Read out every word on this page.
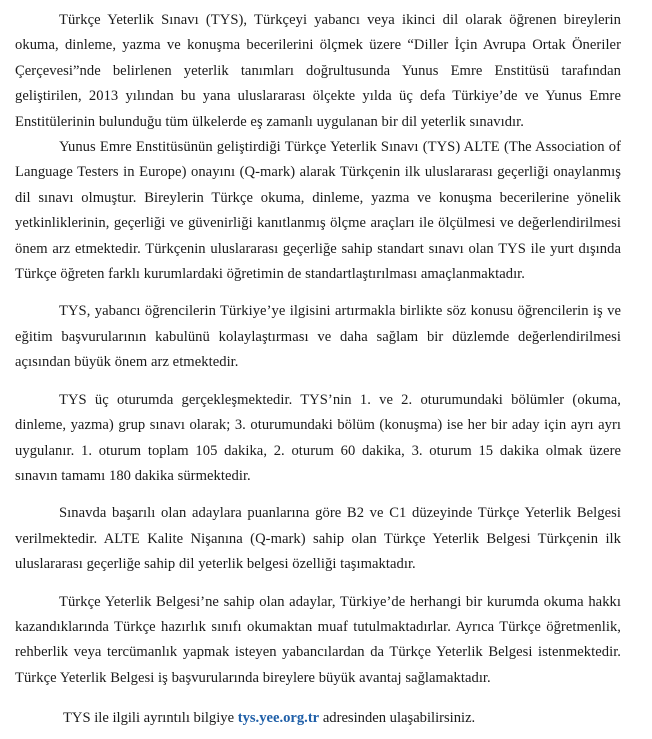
Türkçe Yeterlik Sınavı (TYS), Türkçeyi yabancı veya ikinci dil olarak öğrenen bireylerin okuma, dinleme, yazma ve konuşma becerilerini ölçmek üzere “Diller İçin Avrupa Ortak Öneriler Çerçevesi”nde belirlenen yeterlik tanımları doğrultusunda Yunus Emre Enstitüsü tarafından geliştirilen, 2013 yılından bu yana uluslararası ölçekte yılda üç defa Türkiye’de ve Yunus Emre Enstitülerinin bulunduğu tüm ülkelerde eş zamanlı uygulanan bir dil yeterlik sınavıdır.

Yunus Emre Enstitüsünün geliştirdiği Türkçe Yeterlik Sınavı (TYS) ALTE (The Association of Language Testers in Europe) onayını (Q-mark) alarak Türkçenin ilk uluslararası geçerliği onaylanmış dil sınavı olmuştur. Bireylerin Türkçe okuma, dinleme, yazma ve konuşma becerilerine yönelik yetkinliklerinin, geçerliği ve güvenirliği kanıtlanmış ölçme araçları ile ölçülmesi ve değerlendirilmesi önem arz etmektedir. Türkçenin uluslararası geçerliğe sahip standart sınavı olan TYS ile yurt dışında Türkçe öğreten farklı kurumlardaki öğretimin de standartlaştırılması amaçlanmaktadır.

TYS, yabancı öğrencilerin Türkiye’ye ilgisini artırmakla birlikte söz konusu öğrencilerin iş ve eğitim başvurularının kabulünü kolaylaştırması ve daha sağlam bir düzlemde değerlendirilmesi açısından büyük önem arz etmektedir.

TYS üç oturumda gerçekleşmektedir. TYS’nin 1. ve 2. oturumundaki bölümler (okuma, dinleme, yazma) grup sınavı olarak; 3. oturumundaki bölüm (konuşma) ise her bir aday için ayrı ayrı uygulanır. 1. oturum toplam 105 dakika, 2. oturum 60 dakika, 3. oturum 15 dakika olmak üzere sınavın tamamı 180 dakika sürmektedir.

Sınavda başarılı olan adaylara puanlarına göre B2 ve C1 düzeyinde Türkçe Yeterlik Belgesi verilmektedir. ALTE Kalite Nişanına (Q-mark) sahip olan Türkçe Yeterlik Belgesi Türkçenin ilk uluslararası geçerliğe sahip dil yeterlik belgesi özelliği taşımaktadır.

Türkçe Yeterlik Belgesi’ne sahip olan adaylar, Türkiye’de herhangi bir kurumda okuma hakkı kazandıklarında Türkçe hazırlık sınıfı okumaktan muaf tutulmaktadırlar. Ayrıca Türkçe öğretmenlik, rehberlik veya tercümanlık yapmak isteyen yabancılardan da Türkçe Yeterlik Belgesi istenmektedir. Türkçe Yeterlik Belgesi iş başvurularında bireylere büyük avantaj sağlamaktadır.

TYS ile ilgili ayrıntılı bilgiye tys.yee.org.tr adresinden ulaşabilirsiniz.
